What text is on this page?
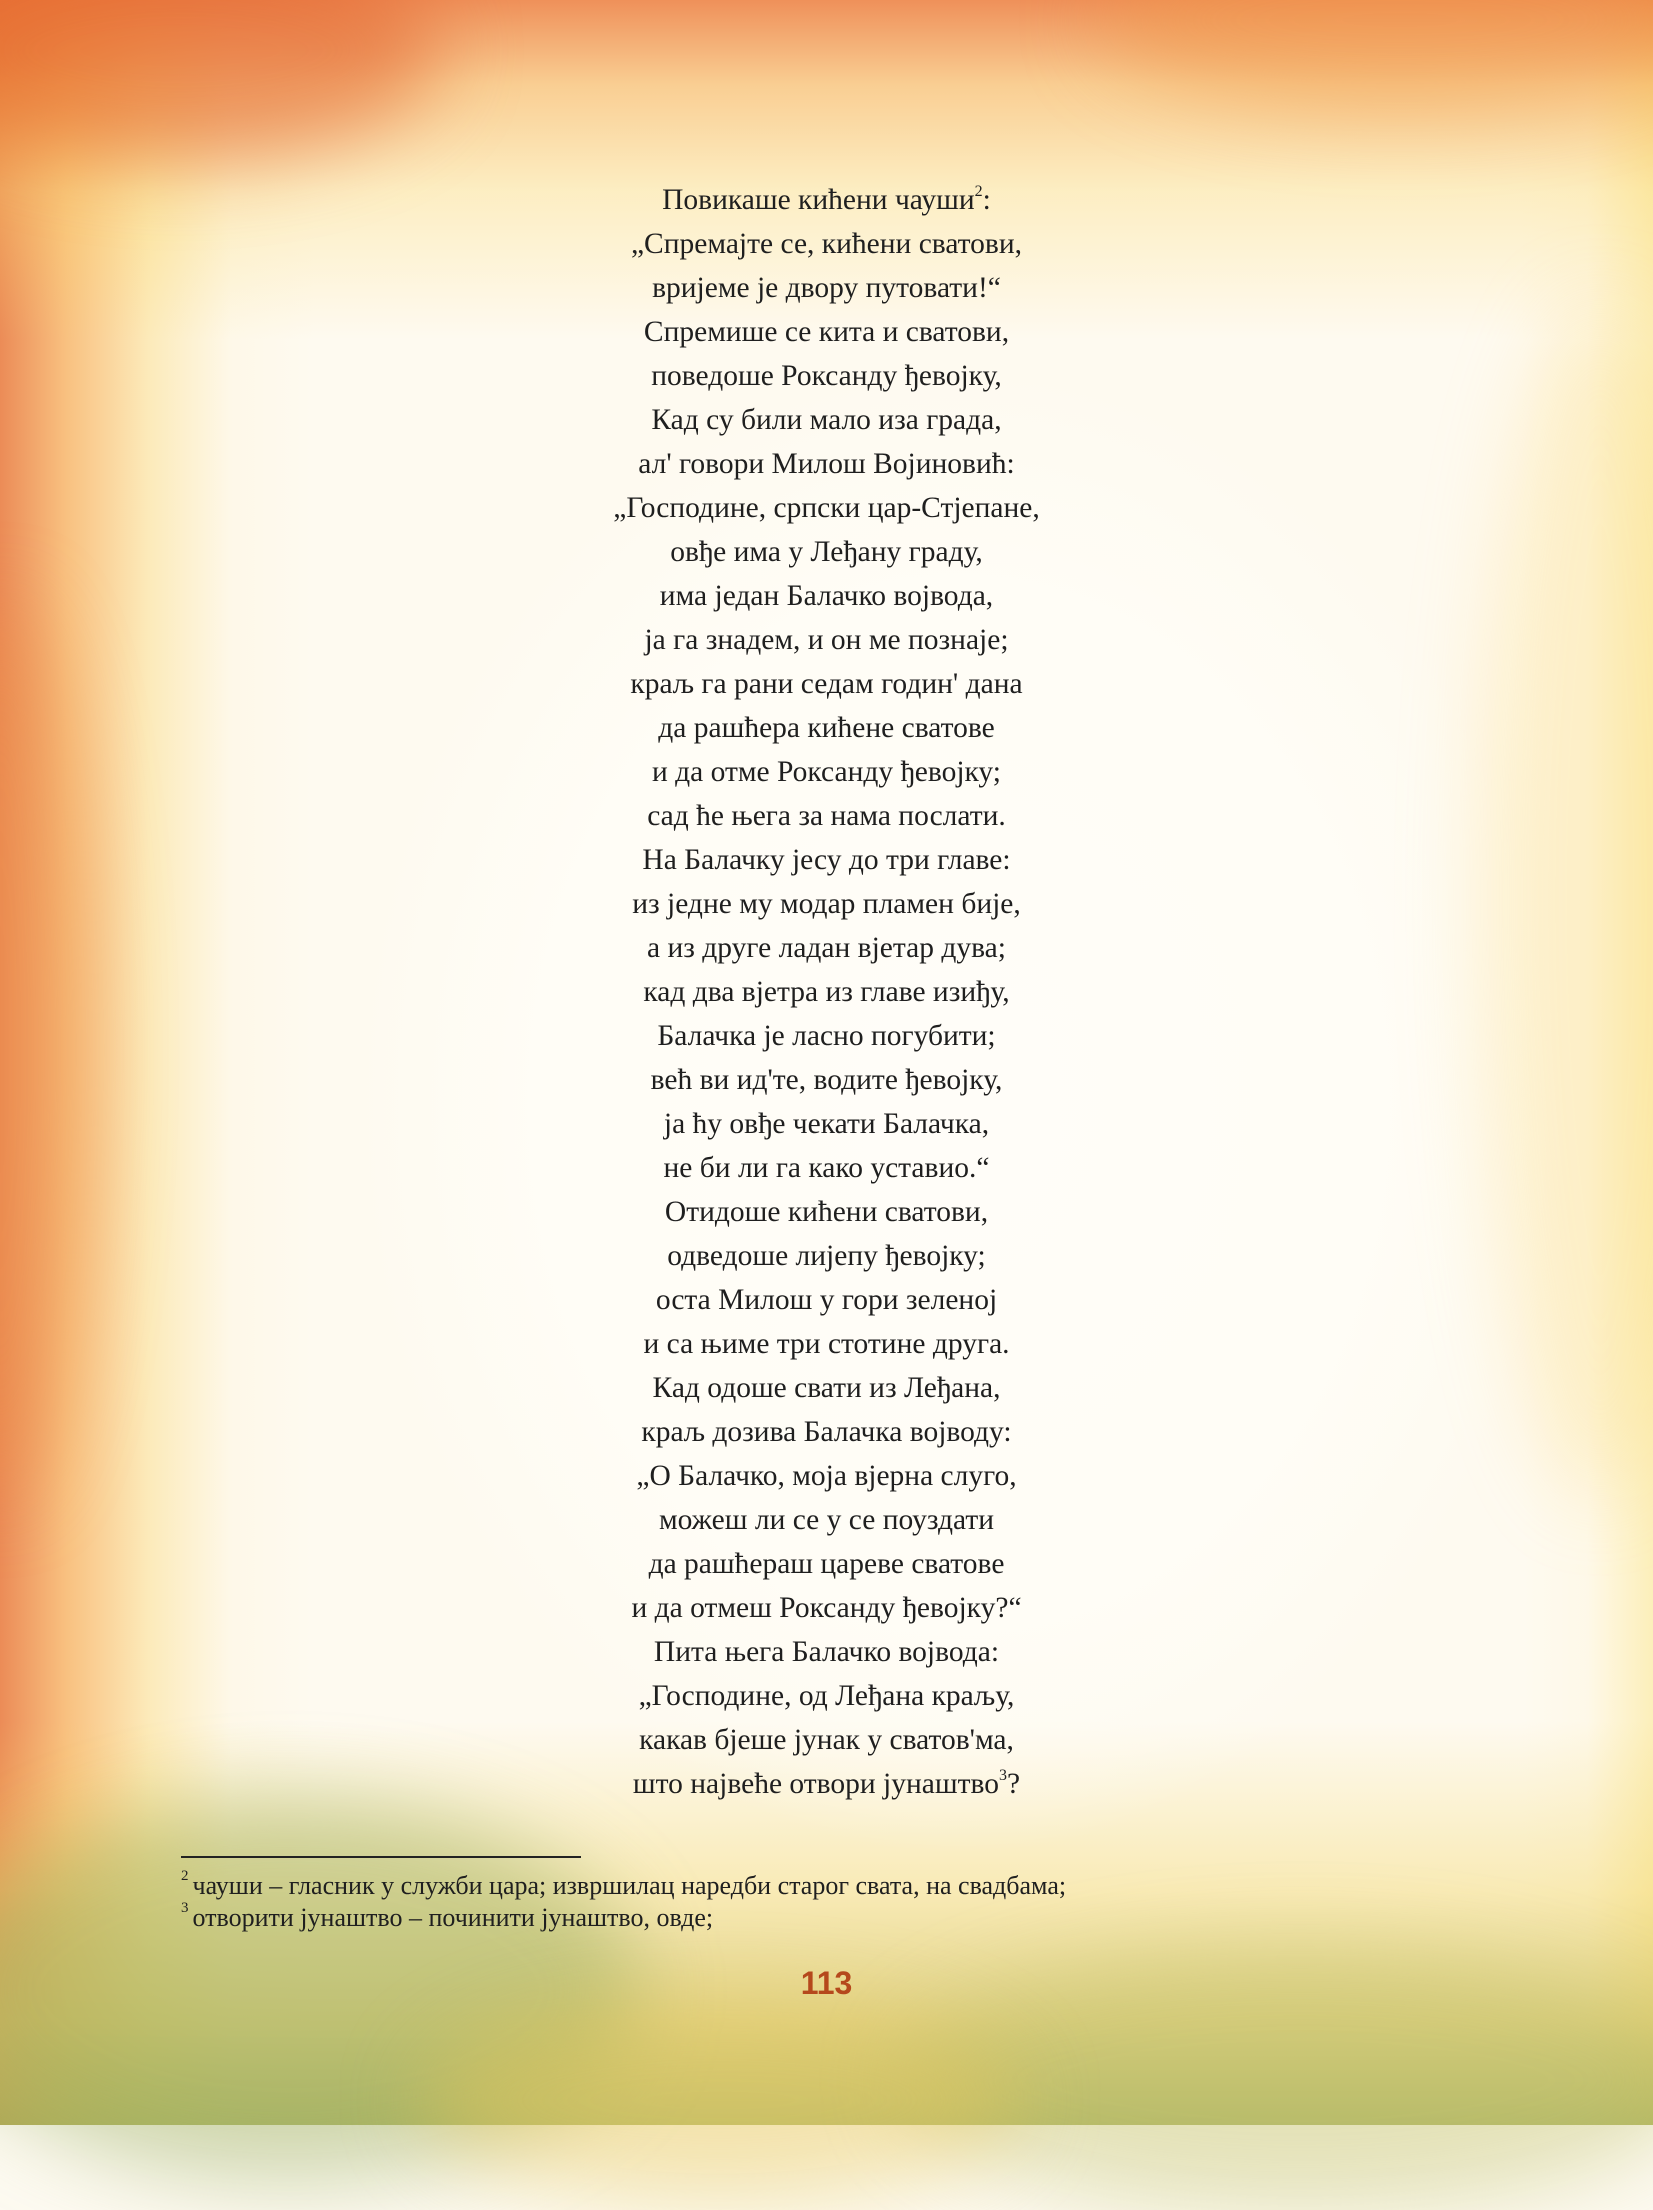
Повикаше кићени чауши$^2$:
„Спремајте се, кићени сватови,
вријеме је двору путовати!“
Спремише се кита и сватови,
поведоше Роксанду ђевојку,
Кад су били мало иза града,
ал' говори Милош Војиновић:
„Господине, српски цар-Стјепане,
овђе има у Леђану граду,
има један Балачко војвода,
ја га знадем, и он ме познаје;
краљ га рани седам годин' дана
да рашћера кићене сватове
и да отме Роксанду ђевојку;
сад ће њега за нама послати.
На Балачку јесу до три главе:
из једне му модар пламен бије,
а из друге ладан вјетар дува;
кад два вјетра из главе изиђу,
Балачка је ласно погубити;
већ ви ид'те, водите ђевојку,
ја ћу овђе чекати Балачка,
не би ли га како уставио.“
Отидоше кићени сватови,
одведоше лијепу ђевојку;
оста Милош у гори зеленој
и са њиме три стотине друга.
Кад одоше свати из Леђана,
краљ дозива Балачка војводу:
„О Балачко, моја вјерна слуго,
можеш ли се у се поуздати
да рашћераш цареве сватове
и да отмеш Роксанду ђевојку?“
Пита њега Балачко војвода:
„Господине, од Леђана краљу,
какав бјеше јунак у сватов'ма,
што највеће отвори јунаштво$^3$?
$^2$ чауши – гласник у служби цара; извршилац наредби старог свата, на свадбама;
$^3$ отворити јунаштво – починити јунаштво, овде;
113
